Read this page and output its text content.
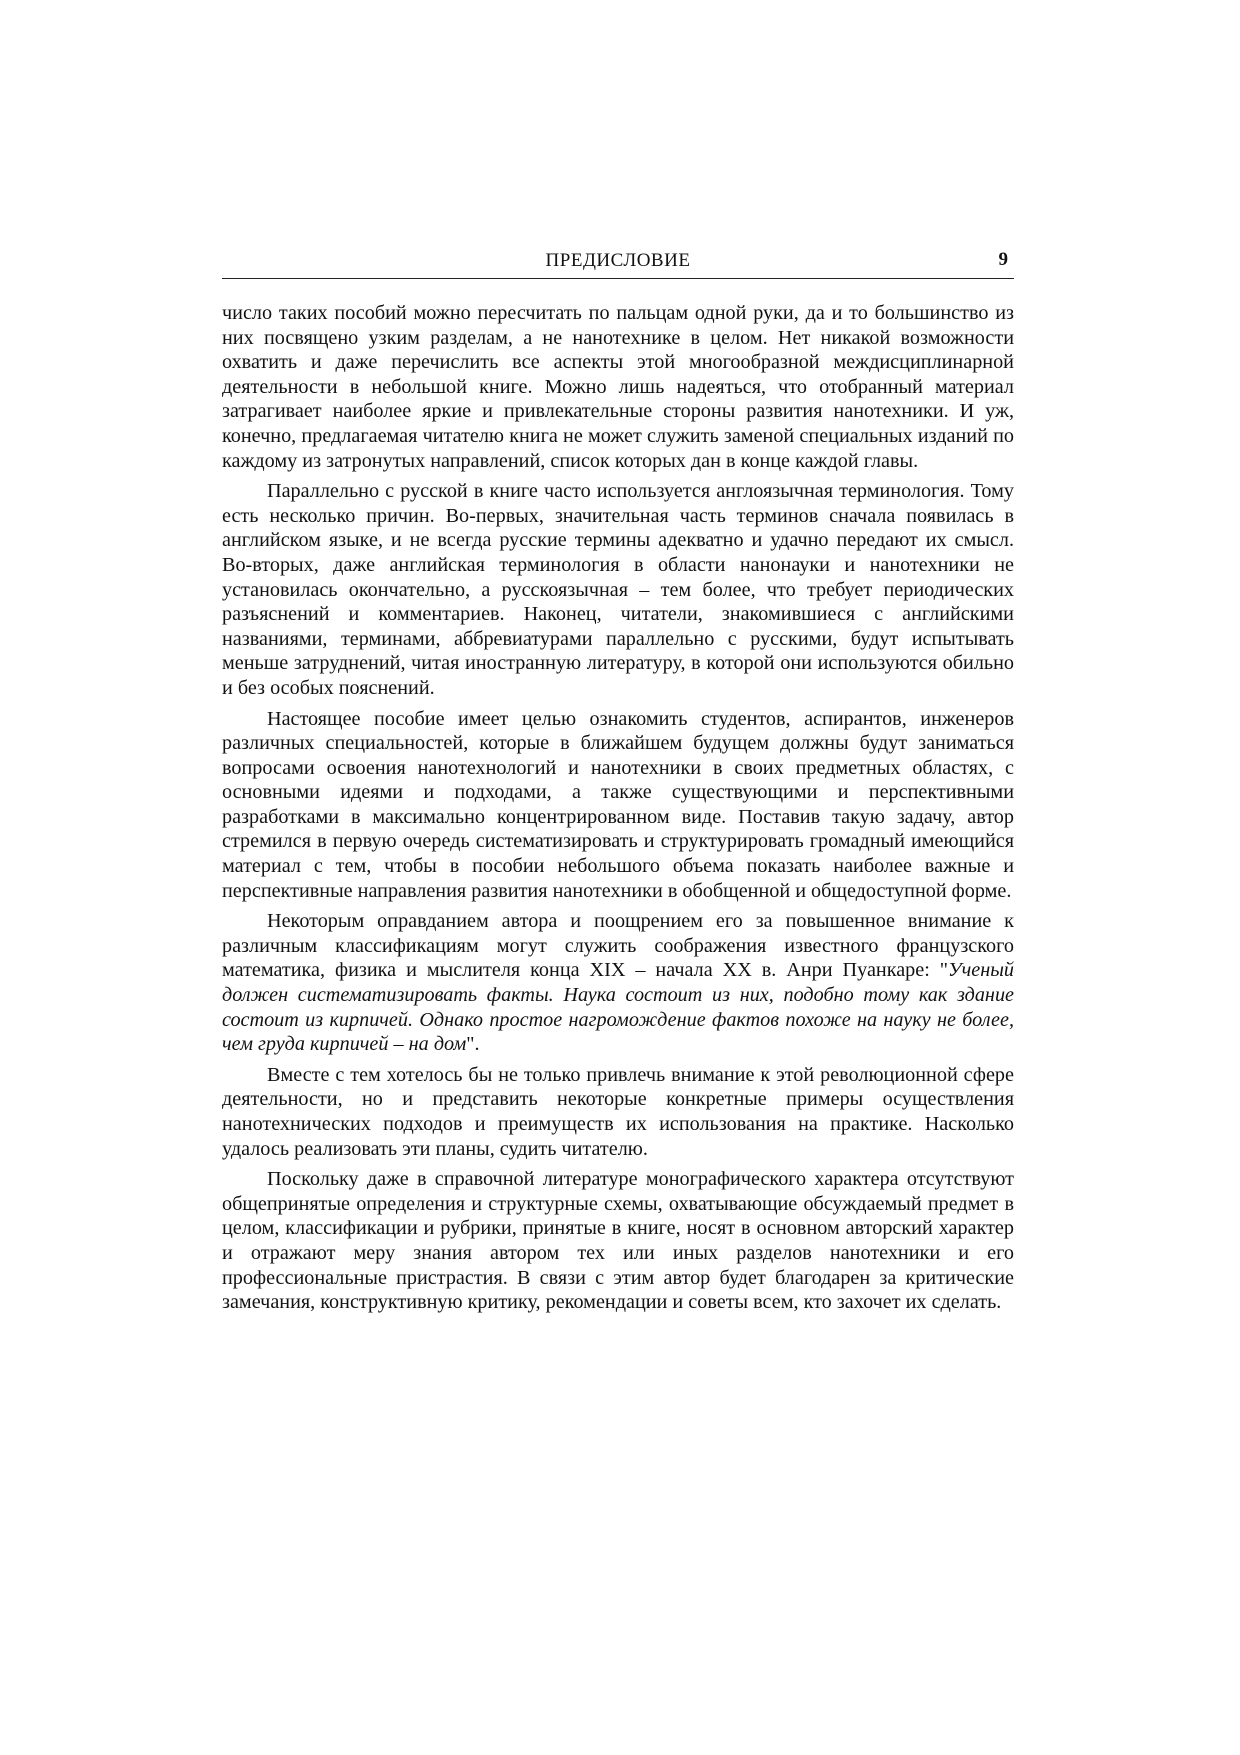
ПРЕДИСЛОВИЕ	9

число таких пособий можно пересчитать по пальцам одной руки, да и то большинство из них посвящено узким разделам, а не нанотехнике в целом. Нет никакой возможности охватить и даже перечислить все аспекты этой многообразной междисциплинарной деятельности в небольшой книге. Можно лишь надеяться, что отобранный материал затрагивает наиболее яркие и привлекательные стороны развития нанотехники. И уж, конечно, предлагаемая читателю книга не может служить заменой специальных изданий по каждому из затронутых направлений, список которых дан в конце каждой главы.

Параллельно с русской в книге часто используется англоязычная терминология. Тому есть несколько причин. Во-первых, значительная часть терминов сначала появилась в английском языке, и не всегда русские термины адекватно и удачно передают их смысл. Во-вторых, даже английская терминология в области нанонауки и нанотехники не установилась окончательно, а русскоязычная – тем более, что требует периодических разъяснений и комментариев. Наконец, читатели, знакомившиеся с английскими названиями, терминами, аббревиатурами параллельно с русскими, будут испытывать меньше затруднений, читая иностранную литературу, в которой они используются обильно и без особых пояснений.

Настоящее пособие имеет целью ознакомить студентов, аспирантов, инженеров различных специальностей, которые в ближайшем будущем должны будут заниматься вопросами освоения нанотехнологий и нанотехники в своих предметных областях, с основными идеями и подходами, а также существующими и перспективными разработками в максимально концентрированном виде. Поставив такую задачу, автор стремился в первую очередь систематизировать и структурировать громадный имеющийся материал с тем, чтобы в пособии небольшого объема показать наиболее важные и перспективные направления развития нанотехники в обобщенной и общедоступной форме.

Некоторым оправданием автора и поощрением его за повышенное внимание к различным классификациям могут служить соображения известного французского математика, физика и мыслителя конца XIX – начала XX в. Анри Пуанкаре: "Ученый должен систематизировать факты. Наука состоит из них, подобно тому как здание состоит из кирпичей. Однако простое нагромождение фактов похоже на науку не более, чем груда кирпичей – на дом".

Вместе с тем хотелось бы не только привлечь внимание к этой революционной сфере деятельности, но и представить некоторые конкретные примеры осуществления нанотехнических подходов и преимуществ их использования на практике. Насколько удалось реализовать эти планы, судить читателю.

Поскольку даже в справочной литературе монографического характера отсутствуют общепринятые определения и структурные схемы, охватывающие обсуждаемый предмет в целом, классификации и рубрики, принятые в книге, носят в основном авторский характер и отражают меру знания автором тех или иных разделов нанотехники и его профессиональные пристрастия. В связи с этим автор будет благодарен за критические замечания, конструктивную критику, рекомендации и советы всем, кто захочет их сделать.
